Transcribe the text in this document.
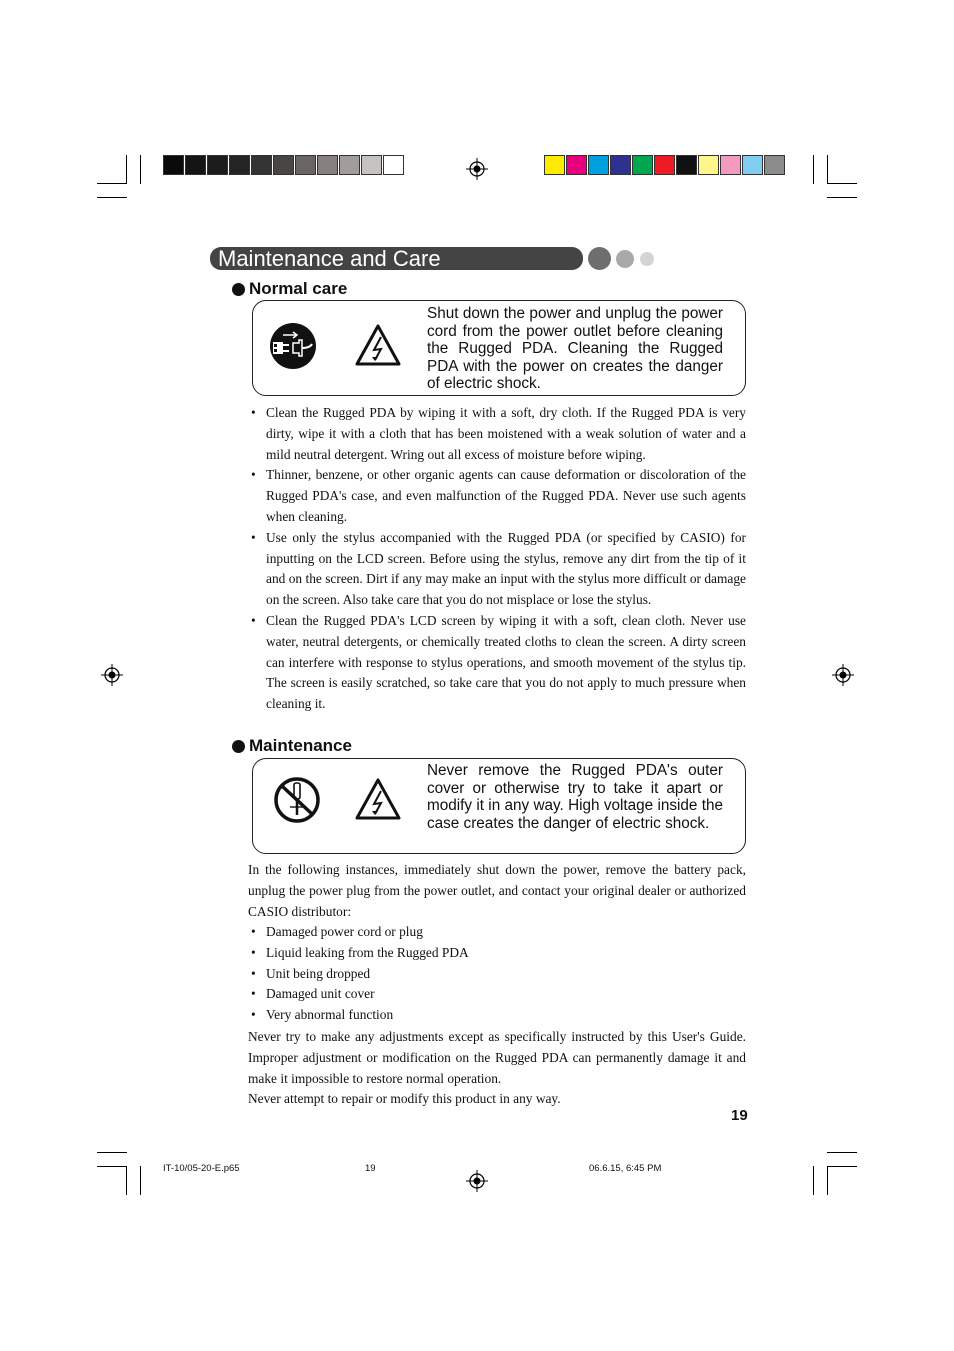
Maintenance and Care
Normal care
Shut down the power and unplug the power cord from the power outlet before cleaning the Rugged PDA. Cleaning the Rugged PDA with the power on creates the danger of electric shock.
• Clean the Rugged PDA by wiping it with a soft, dry cloth. If the Rugged PDA is very dirty, wipe it with a cloth that has been moistened with a weak solution of water and a mild neutral detergent. Wring out all excess of moisture before wiping.
• Thinner, benzene, or other organic agents can cause deformation or discoloration of the Rugged PDA's case, and even malfunction of the Rugged PDA. Never use such agents when cleaning.
• Use only the stylus accompanied with the Rugged PDA (or specified by CASIO) for inputting on the LCD screen. Before using the stylus, remove any dirt from the tip of it and on the screen. Dirt if any may make an input with the stylus more difficult or damage on the screen. Also take care that you do not misplace or lose the stylus.
• Clean the Rugged PDA's LCD screen by wiping it with a soft, clean cloth. Never use water, neutral detergents, or chemically treated cloths to clean the screen. A dirty screen can interfere with response to stylus operations, and smooth movement of the stylus tip. The screen is easily scratched, so take care that you do not apply to much pressure when cleaning it.
Maintenance
Never remove the Rugged PDA's outer cover or otherwise try to take it apart or modify it in any way. High voltage inside the case creates the danger of electric shock.
In the following instances, immediately shut down the power, remove the battery pack, unplug the power plug from the power outlet, and contact your original dealer or authorized CASIO distributor:
• Damaged power cord or plug
• Liquid leaking from the Rugged PDA
• Unit being dropped
• Damaged unit cover
• Very abnormal function
Never try to make any adjustments except as specifically instructed by this User's Guide. Improper adjustment or modification on the Rugged PDA can permanently damage it and make it impossible to restore normal operation.
Never attempt to repair or modify this product in any way.
19
IT-10/05-20-E.p65	19	06.6.15, 6:45 PM
